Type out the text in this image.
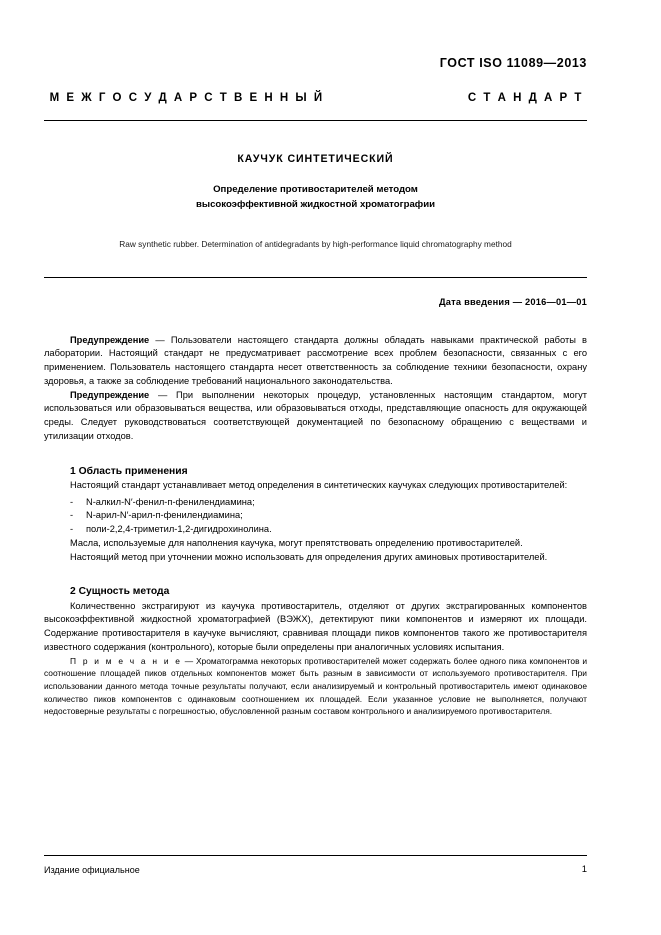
ГОСТ ISO 11089—2013
М Е Ж Г О С У Д А Р С Т В Е Н Н Ы Й	С Т А Н Д А Р Т
КАУЧУК СИНТЕТИЧЕСКИЙ
Определение противостарителей методом
высокоэффективной жидкостной хроматографии
Raw synthetic rubber. Determination of antidegradants by high-performance liquid chromatography method
Дата введения — 2016—01—01

Предупреждение — Пользователи настоящего стандарта должны обладать навыками практической работы в лаборатории. Настоящий стандарт не предусматривает рассмотрение всех проблем безопасности, связанных с его применением. Пользователь настоящего стандарта несет ответственность за соблюдение техники безопасности, охрану здоровья, а также за соблюдение требований национального законодательства.

Предупреждение — При выполнении некоторых процедур, установленных настоящим стандартом, могут использоваться или образовываться вещества, или образовываться отходы, представляющие опасность для окружающей среды. Следует руководствоваться соответствующей документацией по безопасному обращению с веществами и утилизации отходов.

1 Область применения

Настоящий стандарт устанавливает метод определения в синтетических каучуках следующих противостарителей:

- N-алкил-N′-фенил-п-фенилендиамина;

- N-арил-N′-арил-п-фенилендиамина;

- поли-2,2,4-триметил-1,2-дигидрохинолина.

Масла, используемые для наполнения каучука, могут препятствовать определению противостарителей.

Настоящий метод при уточнении можно использовать для определения других аминовых противостарителей.

2 Сущность метода

Количественно экстрагируют из каучука противостаритель, отделяют от других экстрагированных компонентов высокоэффективной жидкостной хроматографией (ВЭЖХ), детектируют пики компонентов и измеряют их площади. Содержание противостарителя в каучуке вычисляют, сравнивая площади пиков компонентов такого же противостарителя известного содержания (контрольного), которые были определены при аналогичных условиях испытания.

П р и м е ч а н и е — Хроматограмма некоторых противостарителей может содержать более одного пика компонентов и соотношение площадей пиков отдельных компонентов может быть разным в зависимости от используемого противостарителя. При использовании данного метода точные результаты получают, если анализируемый и контрольный противостаритель имеют одинаковое количество пиков компонентов с одинаковым соотношением их площадей. Если указанное условие не выполняется, получают недостоверные результаты с погрешностью, обусловленной разным составом контрольного и анализируемого противостарителя.

Издание официальное	1
